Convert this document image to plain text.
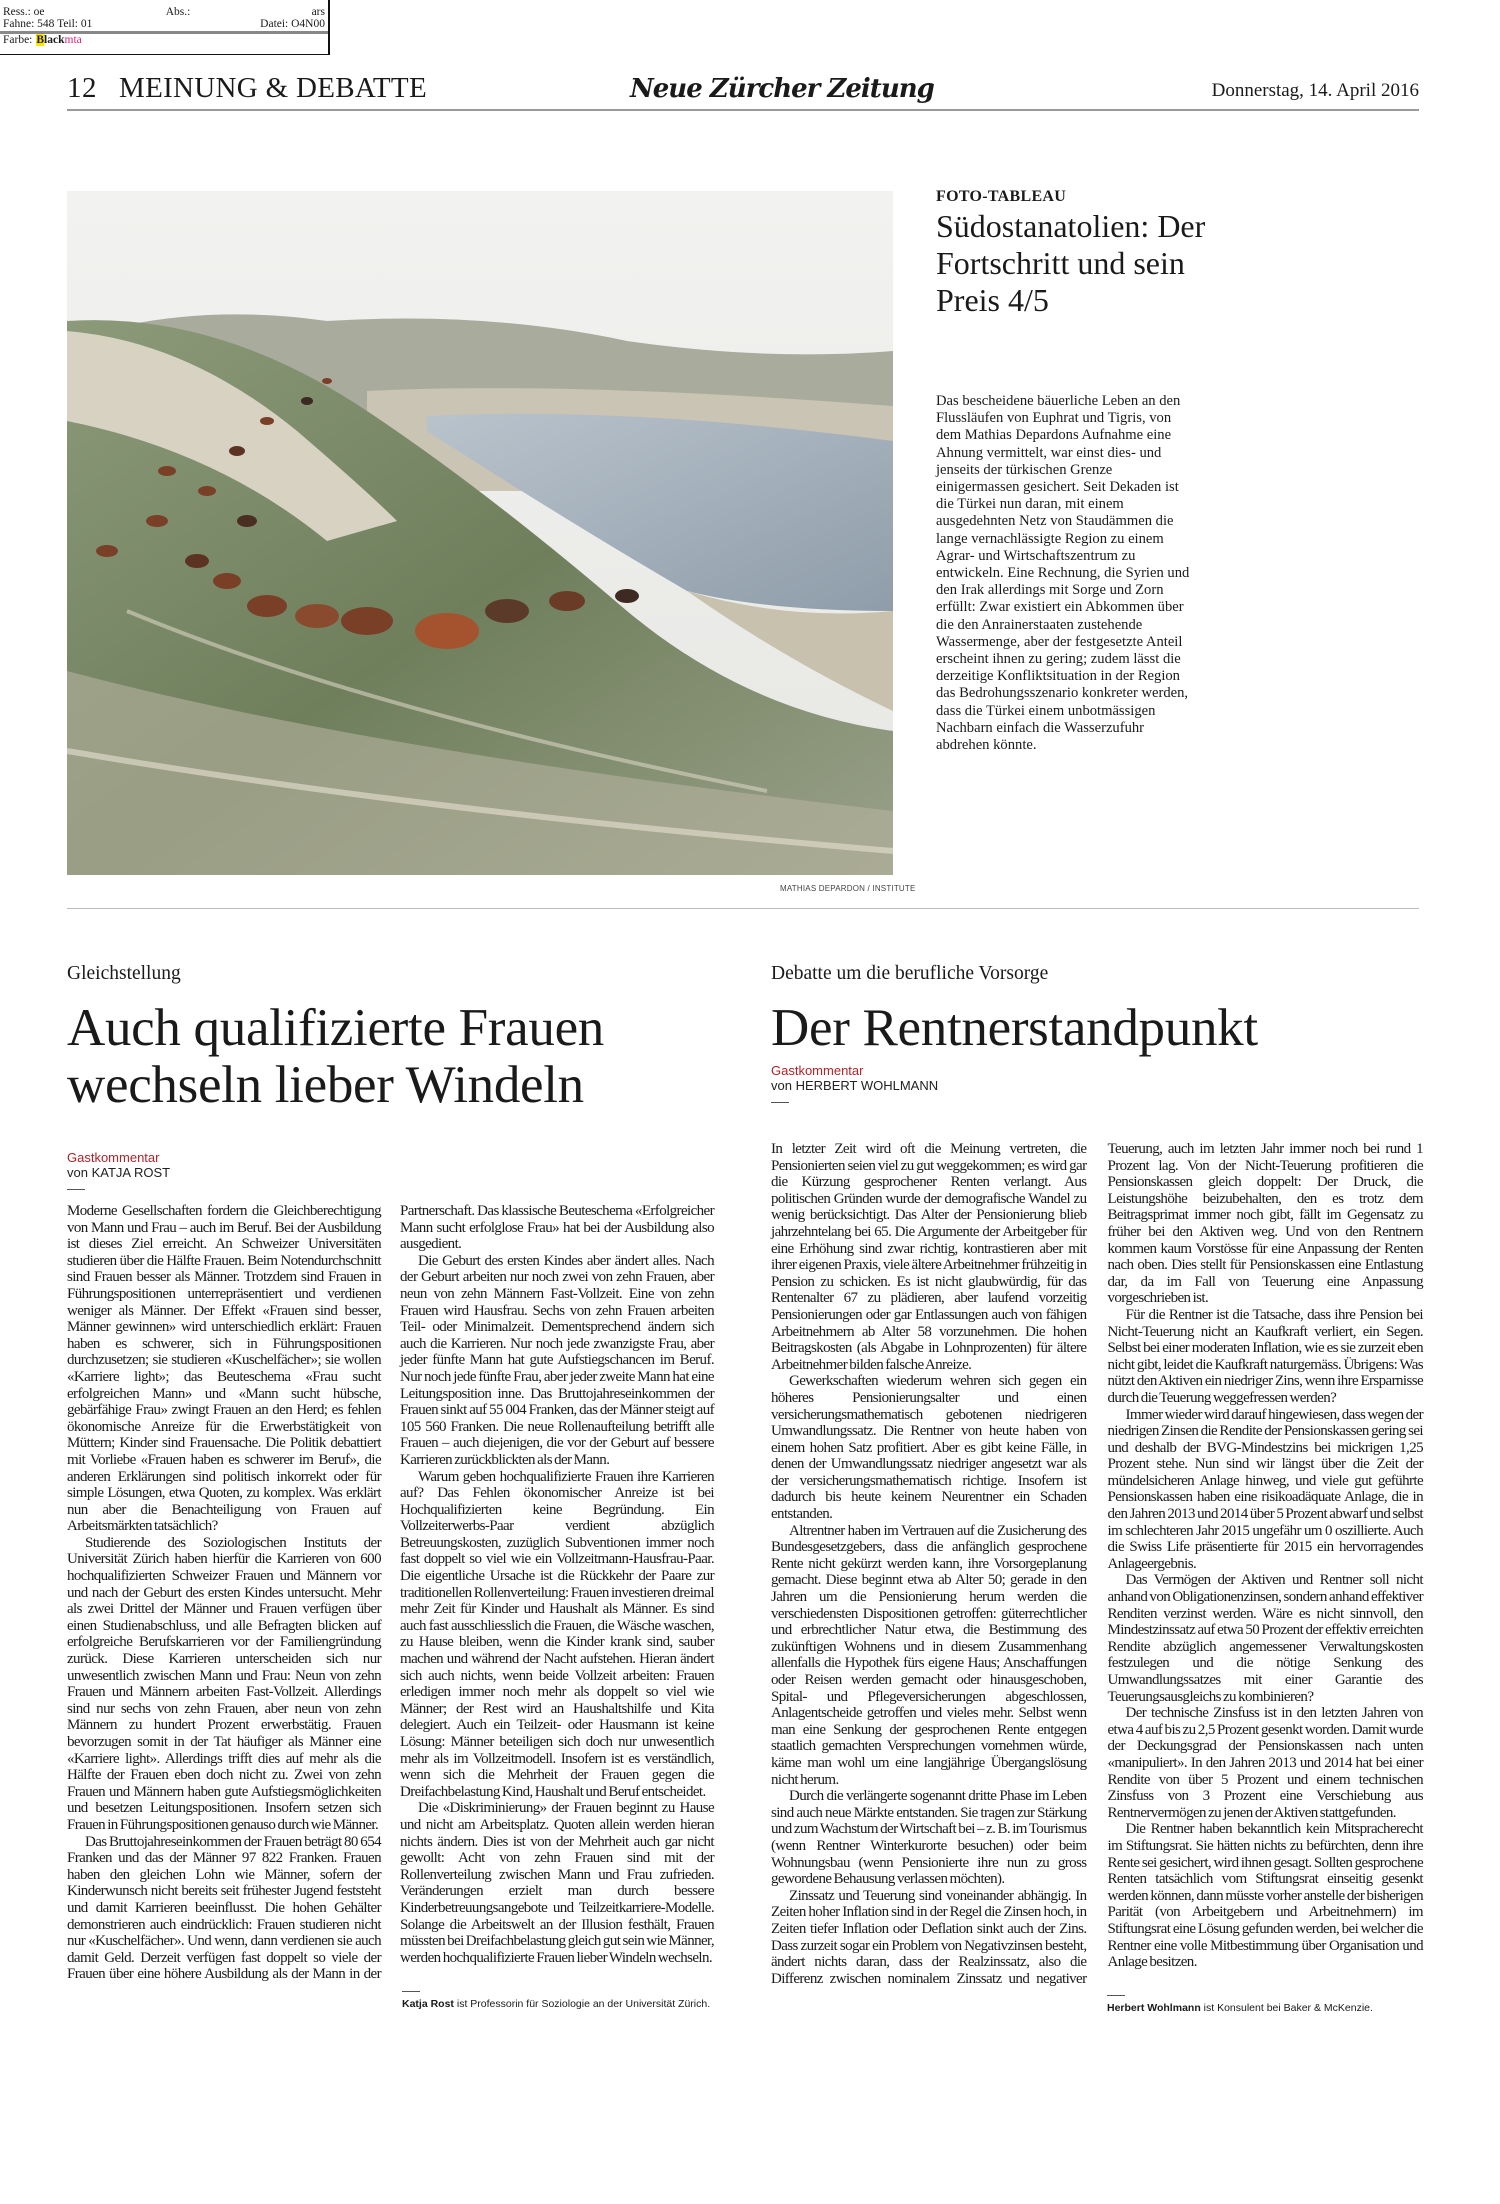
Ress.: oe	Abs.:	ars
Fahne: 548 Teil: 01	Datei: O4N00
Farbe: Blackmta
12 MEINUNG & DEBATTE	Neue Zürcher Zeitung	Donnerstag, 14. April 2016
MATHIAS DEPARDON / INSTITUTE
FOTO-TABLEAU
Südostanatolien: Der Fortschritt und sein Preis 4/5
Das bescheidene bäuerliche Leben an den Flussläufen von Euphrat und Tigris, von dem Mathias Depardons Aufnahme eine Ahnung vermittelt, war einst dies- und jenseits der türkischen Grenze einigermassen gesichert. Seit Dekaden ist die Türkei nun daran, mit einem ausgedehnten Netz von Staudämmen die lange vernachlässigte Region zu einem Agrar- und Wirtschaftszentrum zu entwickeln. Eine Rechnung, die Syrien und den Irak allerdings mit Sorge und Zorn erfüllt: Zwar existiert ein Abkommen über die den Anrainerstaaten zustehende Wassermenge, aber der festgesetzte Anteil erscheint ihnen zu gering; zudem lässt die derzeitige Konfliktsituation in der Region das Bedrohungsszenario konkreter werden, dass die Türkei einem unbotmässigen Nachbarn einfach die Wasserzufuhr abdrehen könnte.
Gleichstellung
Auch qualifizierte Frauen wechseln lieber Windeln
Gastkommentar
von KATJA ROST

Moderne Gesellschaften fordern die Gleichberechtigung von Mann und Frau – auch im Beruf. Bei der Ausbildung ist dieses Ziel erreicht. An Schweizer Universitäten studieren über die Hälfte Frauen. Beim Notendurchschnitt sind Frauen besser als Männer. Trotzdem sind Frauen in Führungspositionen unterrepräsentiert und verdienen weniger als Männer. Der Effekt «Frauen sind besser, Männer gewinnen» wird unterschiedlich erklärt: Frauen haben es schwerer, sich in Führungspositionen durchzusetzen; sie studieren «Kuschelfächer»; sie wollen «Karriere light»; das Beuteschema «Frau sucht erfolgreichen Mann» und «Mann sucht hübsche, gebärfähige Frau» zwingt Frauen an den Herd; es fehlen ökonomische Anreize für die Erwerbstätigkeit von Müttern; Kinder sind Frauensache. Die Politik debattiert mit Vorliebe «Frauen haben es schwerer im Beruf», die anderen Erklärungen sind politisch inkorrekt oder für simple Lösungen, etwa Quoten, zu komplex. Was erklärt nun aber die Benachteiligung von Frauen auf Arbeitsmärkten tatsächlich?

Studierende des Soziologischen Instituts der Universität Zürich haben hierfür die Karrieren von 600 hochqualifizierten Schweizer Frauen und Männern vor und nach der Geburt des ersten Kindes untersucht. Mehr als zwei Drittel der Männer und Frauen verfügen über einen Studienabschluss, und alle Befragten blicken auf erfolgreiche Berufskarrieren vor der Familiengründung zurück. Diese Karrieren unterscheiden sich nur unwesentlich zwischen Mann und Frau: Neun von zehn Frauen und Männern arbeiten Fast-Vollzeit. Allerdings sind nur sechs von zehn Frauen, aber neun von zehn Männern zu hundert Prozent erwerbstätig. Frauen bevorzugen somit in der Tat häufiger als Männer eine «Karriere light». Allerdings trifft dies auf mehr als die Hälfte der Frauen eben doch nicht zu. Zwei von zehn Frauen und Männern haben gute Aufstiegsmöglichkeiten und besetzen Leitungspositionen. Insofern setzen sich Frauen in Führungspositionen genauso durch wie Männer.

Das Bruttojahreseinkommen der Frauen beträgt 80 654 Franken und das der Männer 97 822 Franken. Frauen haben den gleichen Lohn wie Männer, sofern der Kinderwunsch nicht bereits seit frühester Jugend feststeht und damit Karrieren beeinflusst. Die hohen Gehälter demonstrieren auch eindrücklich: Frauen studieren nicht nur «Kuschelfächer». Und wenn, dann verdienen sie auch damit Geld. Derzeit verfügen fast doppelt so viele der Frauen über eine höhere Ausbildung als der Mann in der Partnerschaft. Das klassische Beuteschema «Erfolgreicher Mann sucht erfolglose Frau» hat bei der Ausbildung also ausgedient.

Die Geburt des ersten Kindes aber ändert alles. Nach der Geburt arbeiten nur noch zwei von zehn Frauen, aber neun von zehn Männern Fast-Vollzeit. Eine von zehn Frauen wird Hausfrau. Sechs von zehn Frauen arbeiten Teil- oder Minimalzeit. Dementsprechend ändern sich auch die Karrieren. Nur noch jede zwanzigste Frau, aber jeder fünfte Mann hat gute Aufstiegschancen im Beruf. Nur noch jede fünfte Frau, aber jeder zweite Mann hat eine Leitungsposition inne. Das Bruttojahreseinkommen der Frauen sinkt auf 55 004 Franken, das der Männer steigt auf 105 560 Franken. Die neue Rollenaufteilung betrifft alle Frauen – auch diejenigen, die vor der Geburt auf bessere Karrieren zurückblickten als der Mann.

Warum geben hochqualifizierte Frauen ihre Karrieren auf? Das Fehlen ökonomischer Anreize ist bei Hochqualifizierten keine Begründung. Ein Vollzeiterwerbs-Paar verdient abzüglich Betreuungskosten, zuzüglich Subventionen immer noch fast doppelt so viel wie ein Vollzeitmann-Hausfrau-Paar. Die eigentliche Ursache ist die Rückkehr der Paare zur traditionellen Rollenverteilung: Frauen investieren dreimal mehr Zeit für Kinder und Haushalt als Männer. Es sind auch fast ausschliesslich die Frauen, die Wäsche waschen, zu Hause bleiben, wenn die Kinder krank sind, sauber machen und während der Nacht aufstehen. Hieran ändert sich auch nichts, wenn beide Vollzeit arbeiten: Frauen erledigen immer noch mehr als doppelt so viel wie Männer; der Rest wird an Haushaltshilfe und Kita delegiert. Auch ein Teilzeit- oder Hausmann ist keine Lösung: Männer beteiligen sich doch nur unwesentlich mehr als im Vollzeitmodell. Insofern ist es verständlich, wenn sich die Mehrheit der Frauen gegen die Dreifachbelastung Kind, Haushalt und Beruf entscheidet.

Die «Diskriminierung» der Frauen beginnt zu Hause und nicht am Arbeitsplatz. Quoten allein werden hieran nichts ändern. Dies ist von der Mehrheit auch gar nicht gewollt: Acht von zehn Frauen sind mit der Rollenverteilung zwischen Mann und Frau zufrieden. Veränderungen erzielt man durch bessere Kinderbetreuungsangebote und Teilzeitkarriere-Modelle. Solange die Arbeitswelt an der Illusion festhält, Frauen müssten bei Dreifachbelastung gleich gut sein wie Männer, werden hochqualifizierte Frauen lieber Windeln wechseln.

Katja Rost ist Professorin für Soziologie an der Universität Zürich.
Debatte um die berufliche Vorsorge
Der Rentnerstandpunkt
Gastkommentar
von HERBERT WOHLMANN

In letzter Zeit wird oft die Meinung vertreten, die Pensionierten seien viel zu gut weggekommen; es wird gar die Kürzung gesprochener Renten verlangt. Aus politischen Gründen wurde der demografische Wandel zu wenig berücksichtigt. Das Alter der Pensionierung blieb jahrzehntelang bei 65. Die Argumente der Arbeitgeber für eine Erhöhung sind zwar richtig, kontrastieren aber mit ihrer eigenen Praxis, viele ältere Arbeitnehmer frühzeitig in Pension zu schicken. Es ist nicht glaubwürdig, für das Rentenalter 67 zu plädieren, aber laufend vorzeitig Pensionierungen oder gar Entlassungen auch von fähigen Arbeitnehmern ab Alter 58 vorzunehmen. Die hohen Beitragskosten (als Abgabe in Lohnprozenten) für ältere Arbeitnehmer bilden falsche Anreize.

Gewerkschaften wiederum wehren sich gegen ein höheres Pensionierungsalter und einen versicherungsmathematisch gebotenen niedrigeren Umwandlungssatz. Die Rentner von heute haben von einem hohen Satz profitiert. Aber es gibt keine Fälle, in denen der Umwandlungssatz niedriger angesetzt war als der versicherungsmathematisch richtige. Insofern ist dadurch bis heute keinem Neurentner ein Schaden entstanden.

Altrentner haben im Vertrauen auf die Zusicherung des Bundesgesetzgebers, dass die anfänglich gesprochene Rente nicht gekürzt werden kann, ihre Vorsorgeplanung gemacht. Diese beginnt etwa ab Alter 50; gerade in den Jahren um die Pensionierung herum werden die verschiedensten Dispositionen getroffen: güterrechtlicher und erbrechtlicher Natur etwa, die Bestimmung des zukünftigen Wohnens und in diesem Zusammenhang allenfalls die Hypothek fürs eigene Haus; Anschaffungen oder Reisen werden gemacht oder hinausgeschoben, Spital- und Pflegeversicherungen abgeschlossen, Anlagentscheide getroffen und vieles mehr. Selbst wenn man eine Senkung der gesprochenen Rente entgegen staatlich gemachten Versprechungen vornehmen würde, käme man wohl um eine langjährige Übergangslösung nicht herum.

Durch die verlängerte sogenannt dritte Phase im Leben sind auch neue Märkte entstanden. Sie tragen zur Stärkung und zum Wachstum der Wirtschaft bei – z. B. im Tourismus (wenn Rentner Winterkurorte besuchen) oder beim Wohnungsbau (wenn Pensionierte ihre nun zu gross gewordene Behausung verlassen möchten).

Zinssatz und Teuerung sind voneinander abhängig. In Zeiten hoher Inflation sind in der Regel die Zinsen hoch, in Zeiten tiefer Inflation oder Deflation sinkt auch der Zins. Dass zurzeit sogar ein Problem von Negativzinsen besteht, ändert nichts daran, dass der Realzinssatz, also die Differenz zwischen nominalem Zinssatz und negativer Teuerung, auch im letzten Jahr immer noch bei rund 1 Prozent lag. Von der Nicht-Teuerung profitieren die Pensionskassen gleich doppelt: Der Druck, die Leistungshöhe beizubehalten, den es trotz dem Beitragsprimat immer noch gibt, fällt im Gegensatz zu früher bei den Aktiven weg. Und von den Rentnern kommen kaum Vorstösse für eine Anpassung der Renten nach oben. Dies stellt für Pensionskassen eine Entlastung dar, da im Fall von Teuerung eine Anpassung vorgeschrieben ist.

Für die Rentner ist die Tatsache, dass ihre Pension bei Nicht-Teuerung nicht an Kaufkraft verliert, ein Segen. Selbst bei einer moderaten Inflation, wie es sie zurzeit eben nicht gibt, leidet die Kaufkraft naturgemäss. Übrigens: Was nützt den Aktiven ein niedriger Zins, wenn ihre Ersparnisse durch die Teuerung weggefressen werden?

Immer wieder wird darauf hingewiesen, dass wegen der niedrigen Zinsen die Rendite der Pensionskassen gering sei und deshalb der BVG-Mindestzins bei mickrigen 1,25 Prozent stehe. Nun sind wir längst über die Zeit der mündelsicheren Anlage hinweg, und viele gut geführte Pensionskassen haben eine risikoadäquate Anlage, die in den Jahren 2013 und 2014 über 5 Prozent abwarf und selbst im schlechteren Jahr 2015 ungefähr um 0 oszillierte. Auch die Swiss Life präsentierte für 2015 ein hervorragendes Anlageergebnis.

Das Vermögen der Aktiven und Rentner soll nicht anhand von Obligationenzinsen, sondern anhand effektiver Renditen verzinst werden. Wäre es nicht sinnvoll, den Mindestzinssatz auf etwa 50 Prozent der effektiv erreichten Rendite abzüglich angemessener Verwaltungskosten festzulegen und die nötige Senkung des Umwandlungssatzes mit einer Garantie des Teuerungsausgleichs zu kombinieren?

Der technische Zinsfuss ist in den letzten Jahren von etwa 4 auf bis zu 2,5 Prozent gesenkt worden. Damit wurde der Deckungsgrad der Pensionskassen nach unten «manipuliert». In den Jahren 2013 und 2014 hat bei einer Rendite von über 5 Prozent und einem technischen Zinsfuss von 3 Prozent eine Verschiebung aus Rentnervermögen zu jenen der Aktiven stattgefunden.

Die Rentner haben bekanntlich kein Mitspracherecht im Stiftungsrat. Sie hätten nichts zu befürchten, denn ihre Rente sei gesichert, wird ihnen gesagt. Sollten gesprochene Renten tatsächlich vom Stiftungsrat einseitig gesenkt werden können, dann müsste vorher anstelle der bisherigen Parität (von Arbeitgebern und Arbeitnehmern) im Stiftungsrat eine Lösung gefunden werden, bei welcher die Rentner eine volle Mitbestimmung über Organisation und Anlage besitzen.

Herbert Wohlmann ist Konsulent bei Baker & McKenzie.
